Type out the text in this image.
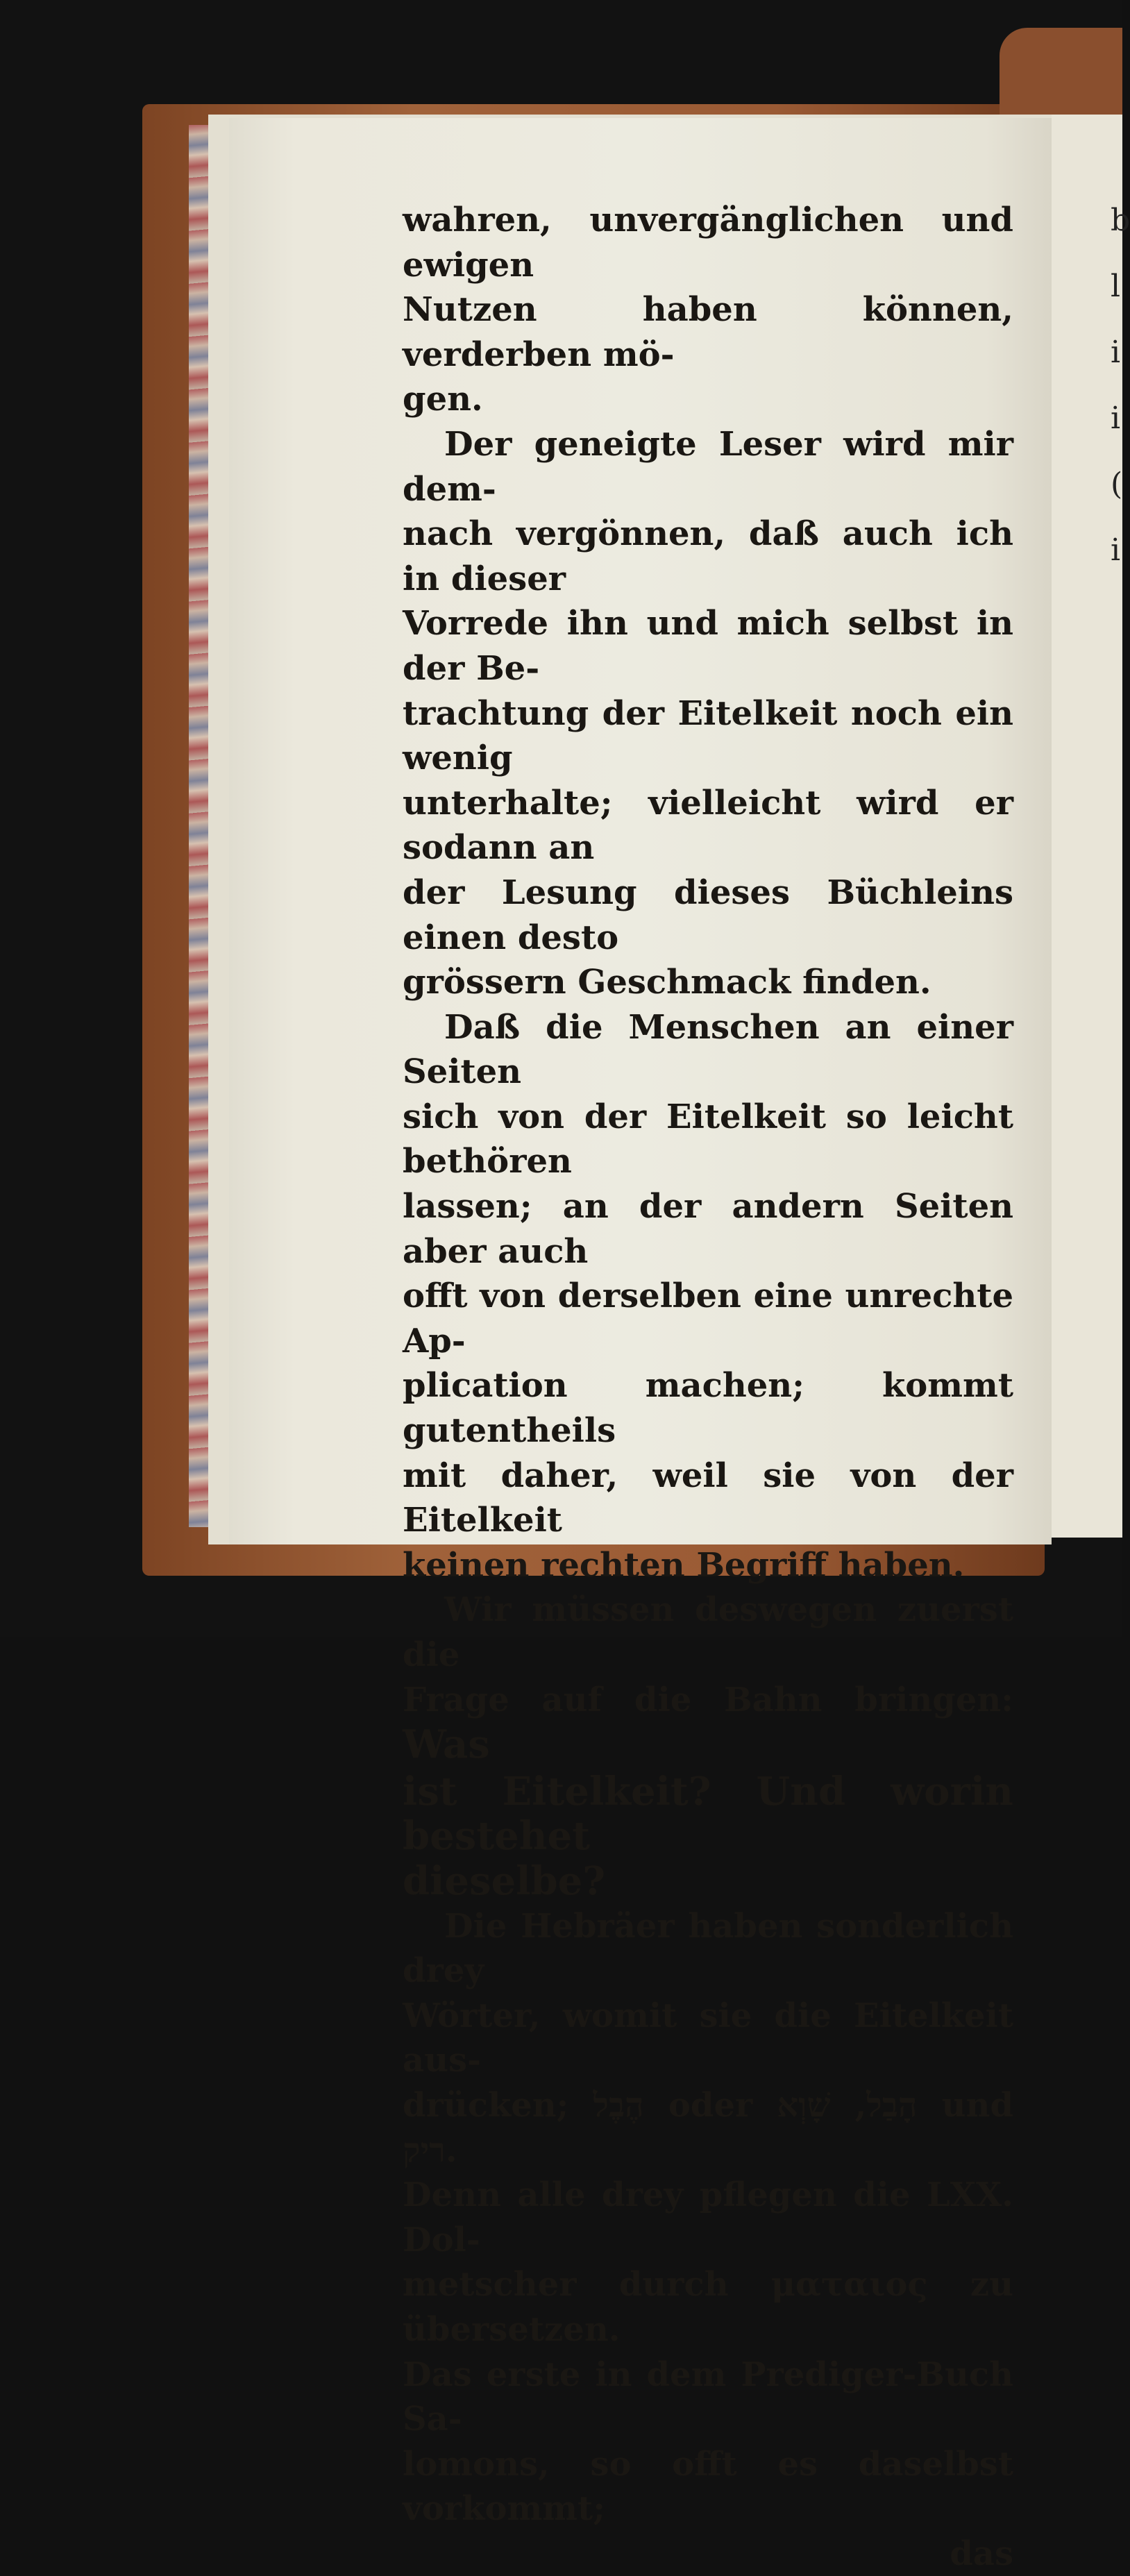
b
l
i
i
(
i

wahren, unvergänglichen und ewigen

Nutzen haben können, verderben mö-

gen.

Der geneigte Leser wird mir dem-

nach vergönnen, daß auch ich in dieser

Vorrede ihn und mich selbst in der Be-

trachtung der Eitelkeit noch ein wenig

unterhalte; vielleicht wird er sodann an

der Lesung dieses Büchleins einen desto

grössern Geschmack finden.

Daß die Menschen an einer Seiten

sich von der Eitelkeit so leicht bethören

lassen; an der andern Seiten aber auch

offt von derselben eine unrechte Ap-

plication machen; kommt gutentheils

mit daher, weil sie von der Eitelkeit

keinen rechten Begriff haben.

Wir müssen deswegen zuerst die

Frage auf die Bahn bringen: Was

ist Eitelkeit? Und worin bestehet

dieselbe?

Die Hebräer haben sonderlich drey

Wörter, womit sie die Eitelkeit aus-

drücken; הֶבֶל oder הָבַל, שָׁוְא und ריק.

Denn alle drey pflegen die LXX. Dol-

metscher durch ματαιος zu übersetzen.

Das erste in dem Prediger-Buch Sa-

lomons, so offt es daselbst vorkommt;

das
